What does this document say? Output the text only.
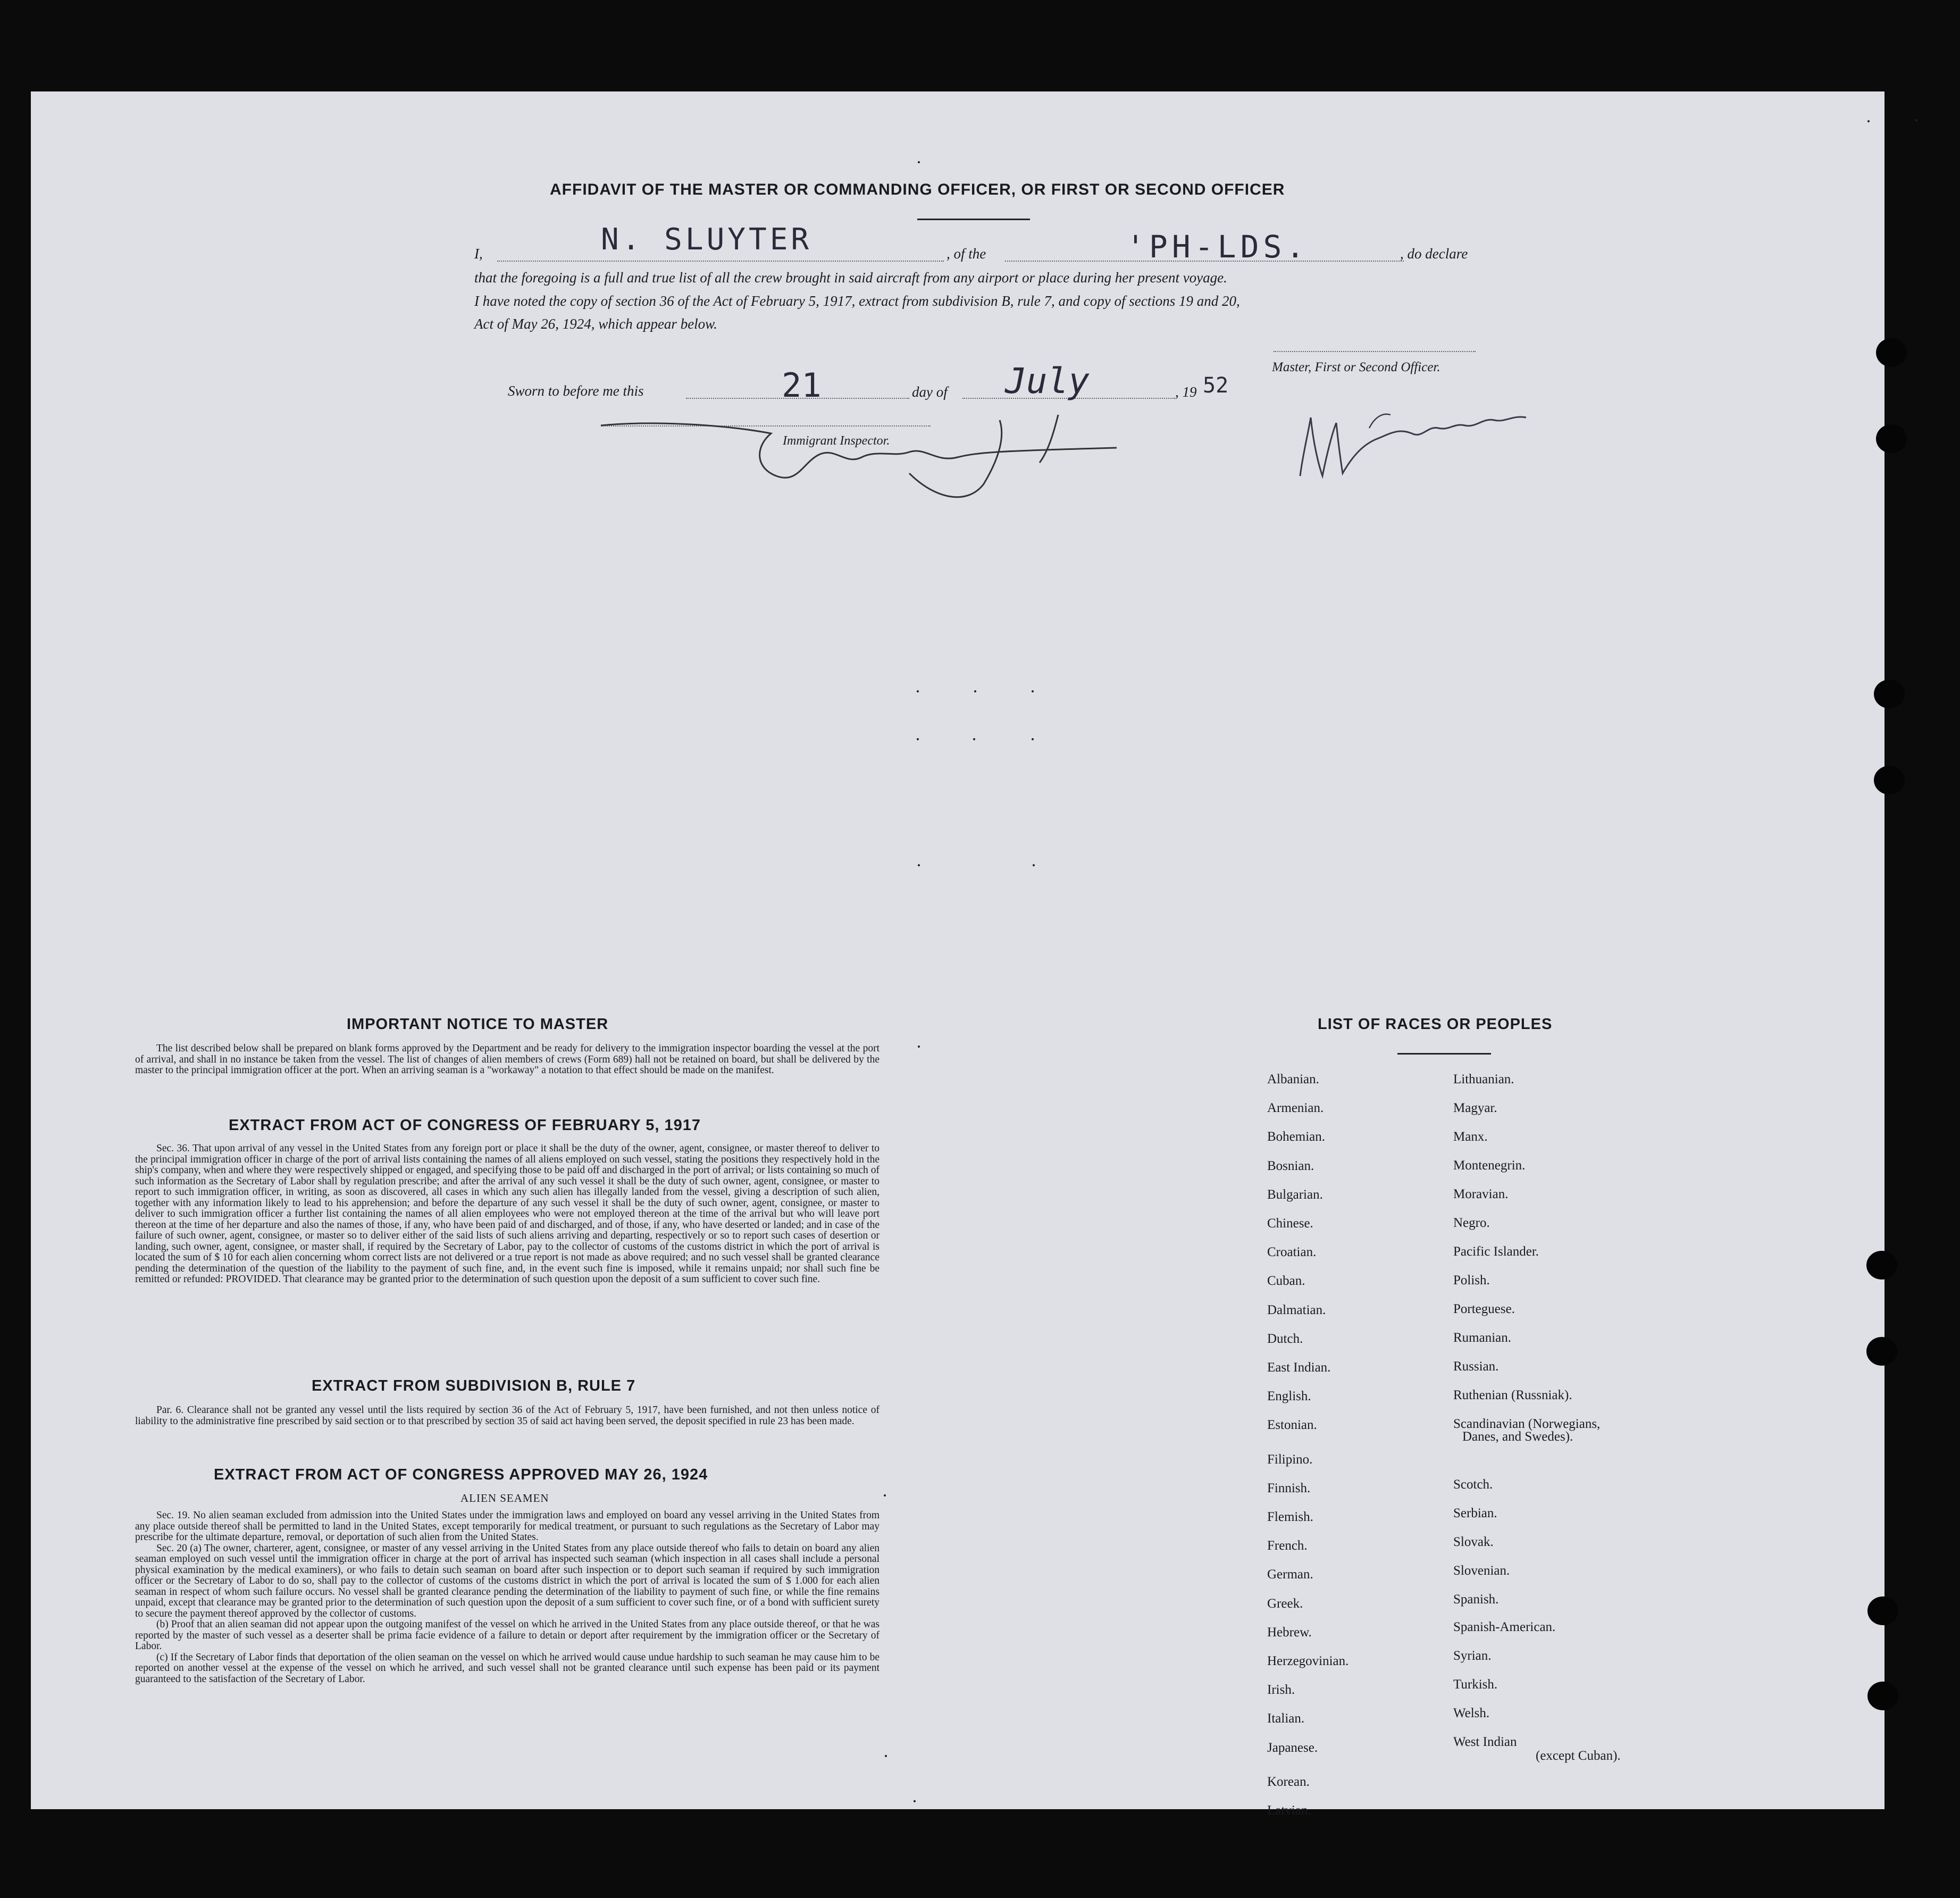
AFFIDAVIT OF THE MASTER OR COMMANDING OFFICER, OR FIRST OR SECOND OFFICER
I,	N. SLUYTER	, of the	'PH-LDS.	, do declare
that the foregoing is a full and true list of all the crew brought in said aircraft from any airport or place during her present voyage.
I have noted the copy of section 36 of the Act of February 5, 1917, extract from subdivision B, rule 7, and copy of sections 19 and 20,
Act of May 26, 1924, which appear below.
Master, First or Second Officer.
Sworn to before me this	21	day of July	, 19 52
Immigrant Inspector.
IMPORTANT NOTICE TO MASTER

The list described below shall be prepared on blank forms approved by the Department and be ready for delivery to the immigration inspector boarding the vessel at the port of arrival, and shall in no instance be taken from the vessel. The list of changes of alien members of crews (Form 689) hall not be retained on board, but shall be delivered by the master to the principal immigration officer at the port. When an arriving seaman is a "workaway" a notation to that effect should be made on the manifest.

EXTRACT FROM ACT OF CONGRESS OF FEBRUARY 5, 1917

Sec. 36. That upon arrival of any vessel in the United States from any foreign port or place it shall be the duty of the owner, agent, consignee, or master thereof to deliver to the principal immigration officer in charge of the port of arrival lists containing the names of all aliens employed on such vessel, stating the positions they respectively hold in the ship's company, when and where they were respectively shipped or engaged, and specifying those to be paid off and discharged in the port of arrival; or lists containing so much of such information as the Secretary of Labor shall by regulation prescribe; and after the arrival of any such vessel it shall be the duty of such owner, agent, consignee, or master to report to such immigration officer, in writing, as soon as discovered, all cases in which any such alien has illegally landed from the vessel, giving a description of such alien, together with any information likely to lead to his apprehension; and before the departure of any such vessel it shall be the duty of such owner, agent, consignee, or master to deliver to such immigration officer a further list containing the names of all alien employees who were not employed thereon at the time of the arrival but who will leave port thereon at the time of her departure and also the names of those, if any, who have been paid of and discharged, and of those, if any, who have deserted or landed; and in case of the failure of such owner, agent, consignee, or master so to deliver either of the said lists of such aliens arriving and departing, respectively or so to report such cases of desertion or landing, such owner, agent, consignee, or master shall, if required by the Secretary of Labor, pay to the collector of customs of the customs district in which the port of arrival is located the sum of $ 10 for each alien concerning whom correct lists are not delivered or a true report is not made as above required; and no such vessel shall be granted clearance pending the determination of the question of the liability to the payment of such fine, and, in the event such fine is imposed, while it remains unpaid; nor shall such fine be remitted or refunded: PROVIDED. That clearance may be granted prior to the determination of such question upon the deposit of a sum sufficient to cover such fine.

EXTRACT FROM SUBDIVISION B, RULE 7

Par. 6. Clearance shall not be granted any vessel until the lists required by section 36 of the Act of February 5, 1917, have been furnished, and not then unless notice of liability to the administrative fine prescribed by said section or to that prescribed by section 35 of said act having been served, the deposit specified in rule 23 has been made.

EXTRACT FROM ACT OF CONGRESS APPROVED MAY 26, 1924
ALIEN SEAMEN

Sec. 19. No alien seaman excluded from admission into the United States under the immigration laws and employed on board any vessel arriving in the United States from any place outside thereof shall be permitted to land in the United States, except temporarily for medical treatment, or pursuant to such regulations as the Secretary of Labor may prescribe for the ultimate departure, removal, or deportation of such alien from the United States.

Sec. 20 (a) The owner, charterer, agent, consignee, or master of any vessel arriving in the United States from any place outside thereof who fails to detain on board any alien seaman employed on such vessel until the immigration officer in charge at the port of arrival has inspected such seaman (which inspection in all cases shall include a personal physical examination by the medical examiners), or who fails to detain such seaman on board after such inspection or to deport such seaman if required by such immigration officer or the Secretary of Labor to do so, shall pay to the collector of customs of the customs district in which the port of arrival is located the sum of $ 1.000 for each alien seaman in respect of whom such failure occurs. No vessel shall be granted clearance pending the determination of the liability to payment of such fine, or while the fine remains unpaid, except that clearance may be granted prior to the determination of such question upon the deposit of a sum sufficient to cover such fine, or of a bond with sufficient surety to secure the payment thereof approved by the collector of customs.

(b) Proof that an alien seaman did not appear upon the outgoing manifest of the vessel on which he arrived in the United States from any place outside thereof, or that he was reported by the master of such vessel as a deserter shall be prima facie evidence of a failure to detain or deport after requirement by the immigration officer or the Secretary of Labor.

(c) If the Secretary of Labor finds that deportation of the olien seaman on the vessel on which he arrived would cause undue hardship to such seaman he may cause him to be reported on another vessel at the expense of the vessel on which he arrived, and such vessel shall not be granted clearance until such expense has been paid or its payment guaranteed to the satisfaction of the Secretary of Labor.

LIST OF RACES OR PEOPLES
Albanian.
Armenian.
Bohemian.
Bosnian.
Bulgarian.
Chinese.
Croatian.
Cuban.
Dalmatian.
Dutch.
East Indian.
English.
Estonian.
Filipino.
Finnish.
Flemish.
French.
German.
Greek.
Hebrew.
Herzegovinian.
Irish.
Italian.
Japanese.
Korean.
Latvian.
Lithuanian.
Magyar.
Manx.
Montenegrin.
Moravian.
Negro.
Pacific Islander.
Polish.
Porteguese.
Rumanian.
Russian.
Ruthenian (Russniak).
Scandinavian (Norwegians,
Danes, and Swedes).
Scotch.
Serbian.
Slovak.
Slovenian.
Spanish.
Spanish-American.
Syrian.
Turkish.
Welsh.
West Indian
(except Cuban).
